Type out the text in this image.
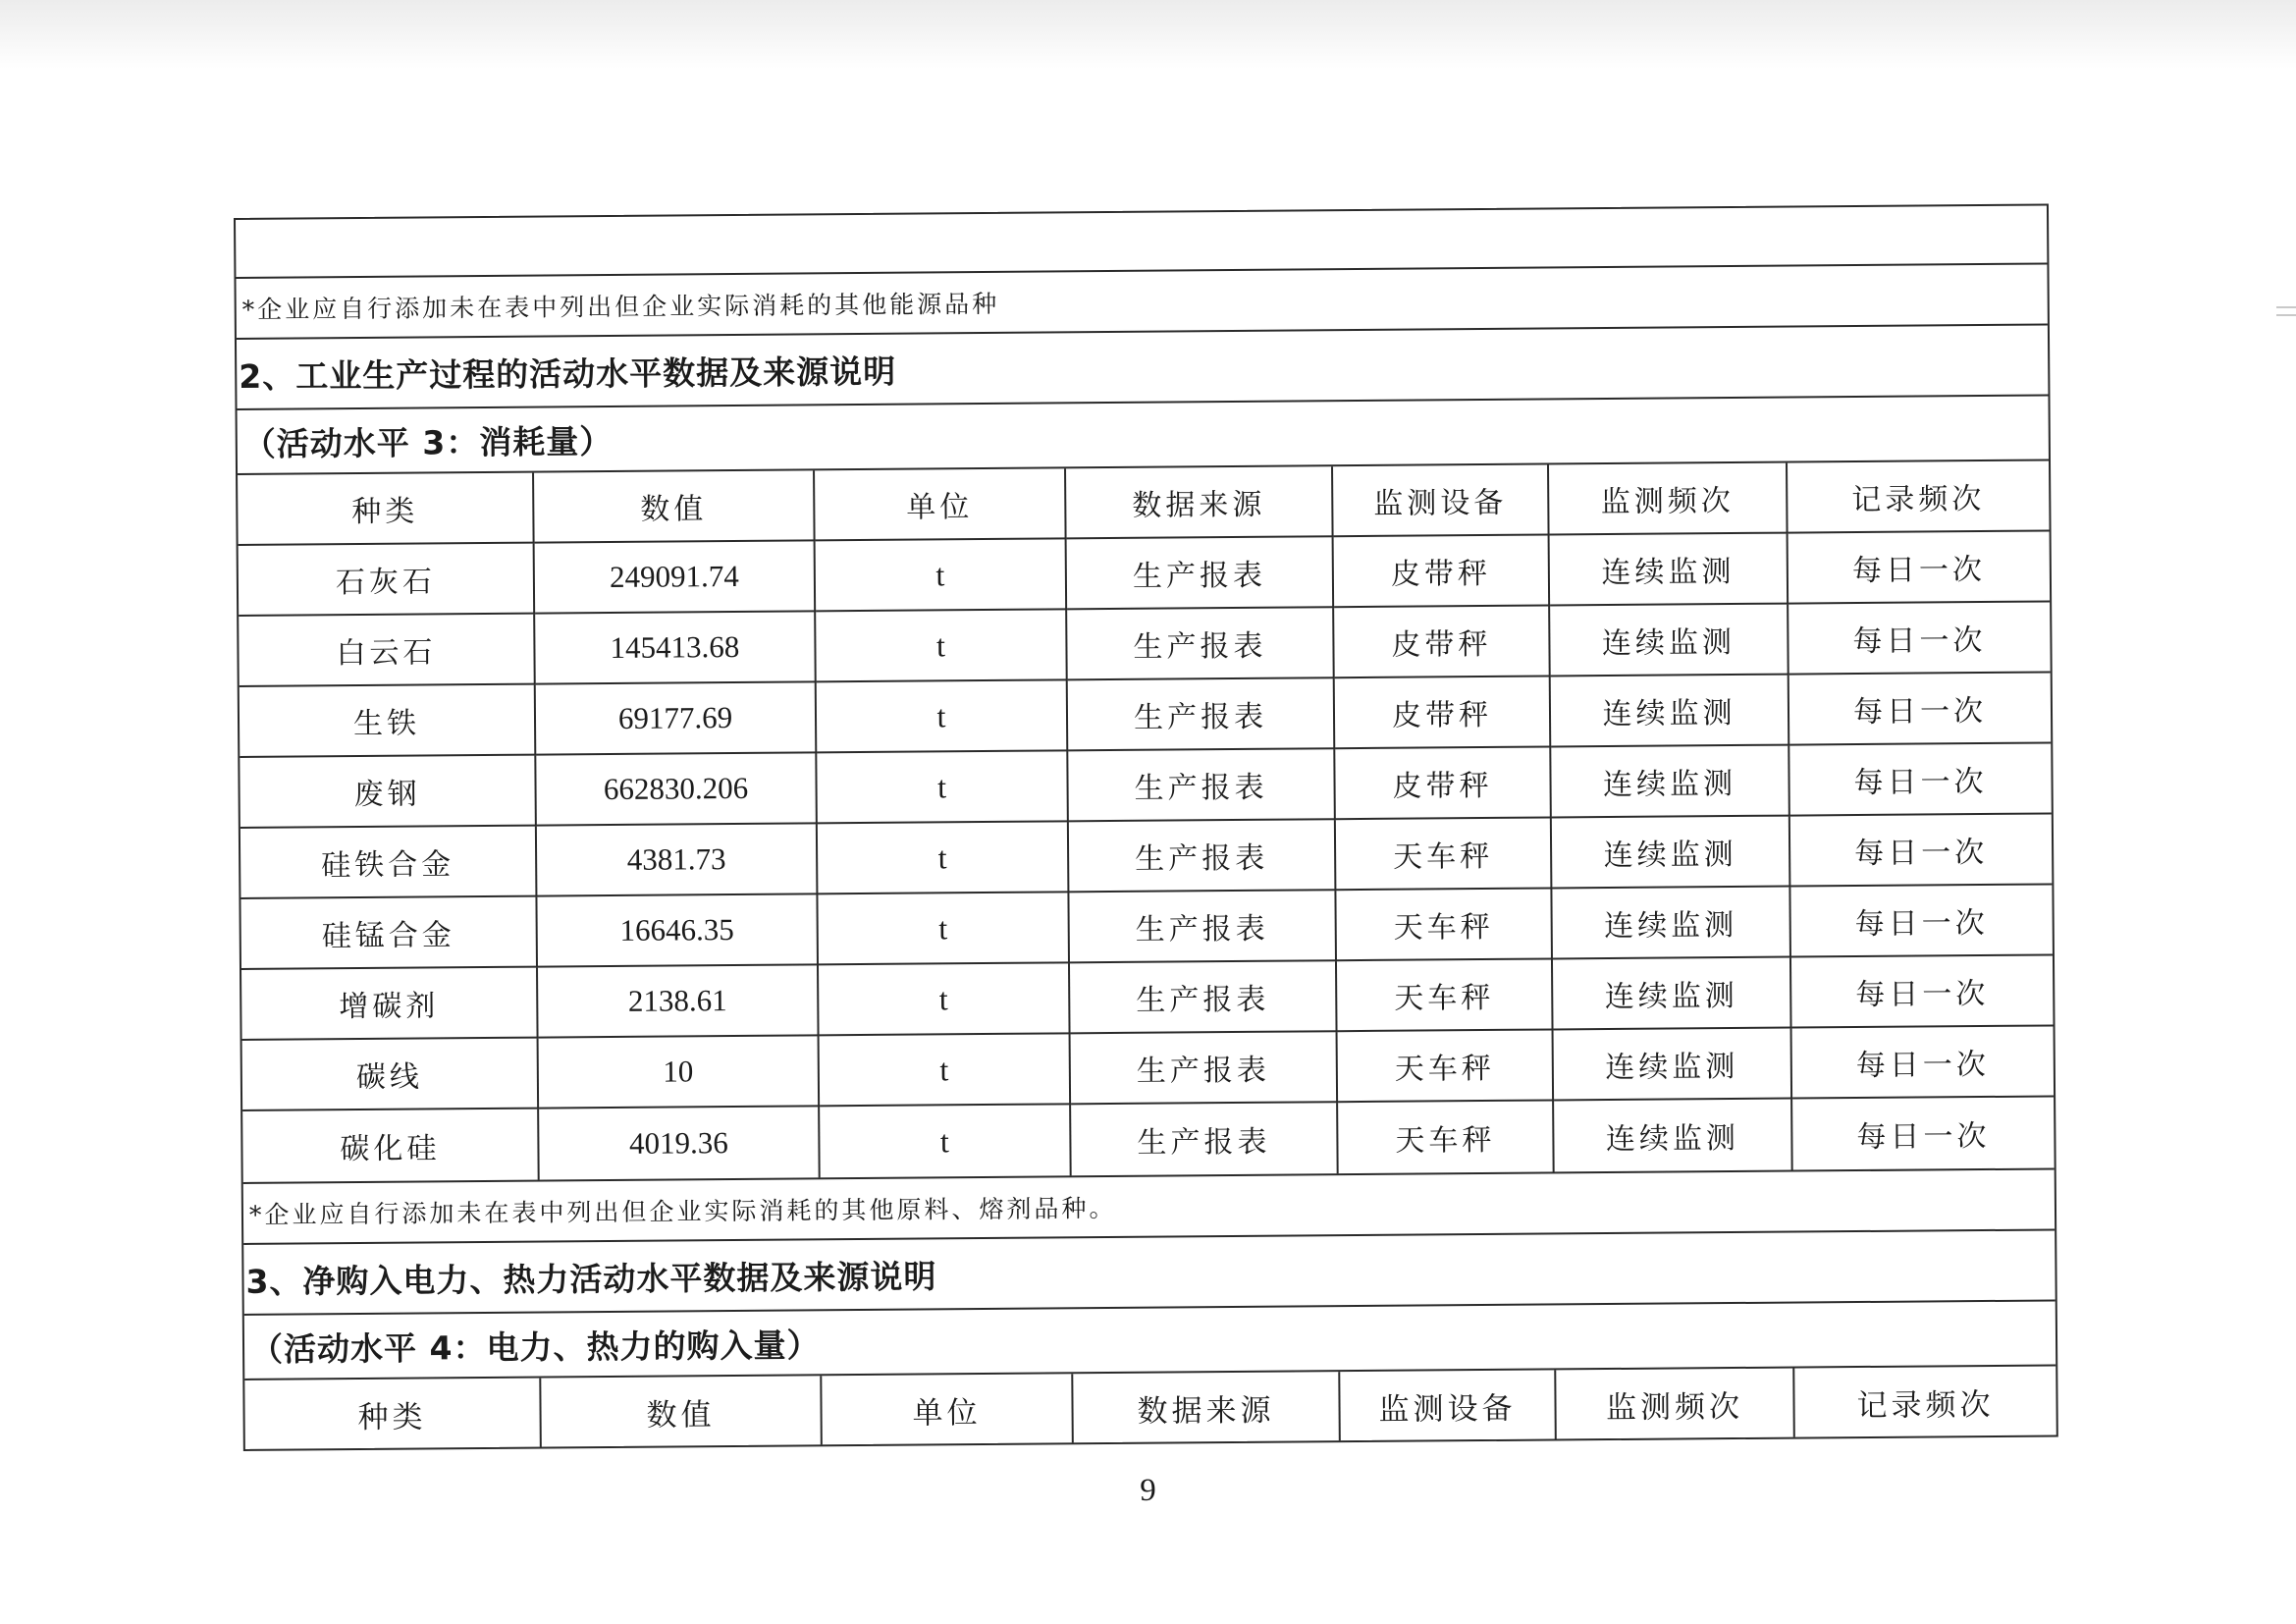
*企业应自行添加未在表中列出但企业实际消耗的其他能源品种
2、工业生产过程的活动水平数据及来源说明
（活动水平 3：消耗量）
种类	数值	单位	数据来源	监测设备	监测频次	记录频次
石灰石	249091.74	t	生产报表	皮带秤	连续监测	每日一次
白云石	145413.68	t	生产报表	皮带秤	连续监测	每日一次
生铁	69177.69	t	生产报表	皮带秤	连续监测	每日一次
废钢	662830.206	t	生产报表	皮带秤	连续监测	每日一次
硅铁合金	4381.73	t	生产报表	天车秤	连续监测	每日一次
硅锰合金	16646.35	t	生产报表	天车秤	连续监测	每日一次
增碳剂	2138.61	t	生产报表	天车秤	连续监测	每日一次
碳线	10	t	生产报表	天车秤	连续监测	每日一次
碳化硅	4019.36	t	生产报表	天车秤	连续监测	每日一次
*企业应自行添加未在表中列出但企业实际消耗的其他原料、熔剂品种。
3、净购入电力、热力活动水平数据及来源说明
（活动水平 4：电力、热力的购入量）
种类	数值	单位	数据来源	监测设备	监测频次	记录频次
9
